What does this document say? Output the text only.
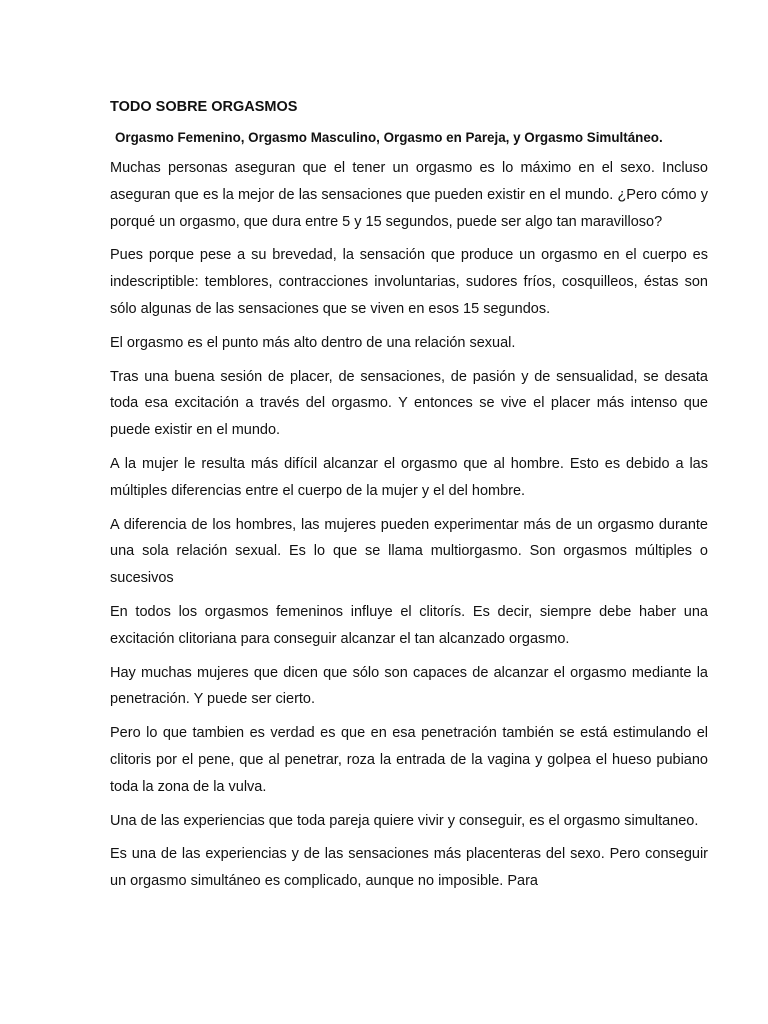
TODO SOBRE ORGASMOS
Orgasmo Femenino, Orgasmo Masculino, Orgasmo en Pareja, y Orgasmo Simultáneo.

Muchas personas aseguran que el tener un orgasmo es lo máximo en el sexo. Incluso aseguran que es la mejor de las sensaciones que pueden existir en el mundo. ¿Pero cómo y porqué un orgasmo, que dura entre 5 y 15 segundos, puede ser algo tan maravilloso?

Pues porque pese a su brevedad, la sensación que produce un orgasmo en el cuerpo es indescriptible: temblores, contracciones involuntarias, sudores fríos, cosquilleos, éstas son sólo algunas de las sensaciones que se viven en esos 15 segundos.

El orgasmo es el punto más alto dentro de una relación sexual.

Tras una buena sesión de placer, de sensaciones, de pasión y de sensualidad, se desata toda esa excitación a través del orgasmo. Y entonces se vive el placer más intenso que puede existir en el mundo.

A la mujer le resulta más difícil alcanzar el orgasmo que al hombre. Esto es debido a las múltiples diferencias entre el cuerpo de la mujer y el del hombre.

A diferencia de los hombres, las mujeres pueden experimentar más de un orgasmo durante una sola relación sexual. Es lo que se llama multiorgasmo. Son orgasmos múltiples o sucesivos

En todos los orgasmos femeninos influye el clitorís. Es decir, siempre debe haber una excitación clitoriana para conseguir alcanzar el tan alcanzado orgasmo.

Hay muchas mujeres que dicen que sólo son capaces de alcanzar el orgasmo mediante la penetración. Y puede ser cierto.

Pero lo que tambien es verdad es que en esa penetración también se está estimulando el clitoris por el pene, que al penetrar, roza la entrada de la vagina y golpea el hueso pubiano toda la zona de la vulva.

Una de las experiencias que toda pareja quiere vivir y conseguir, es el orgasmo simultaneo.

Es una de las experiencias y de las sensaciones más placenteras del sexo. Pero conseguir un orgasmo simultáneo es complicado, aunque no imposible. Para
